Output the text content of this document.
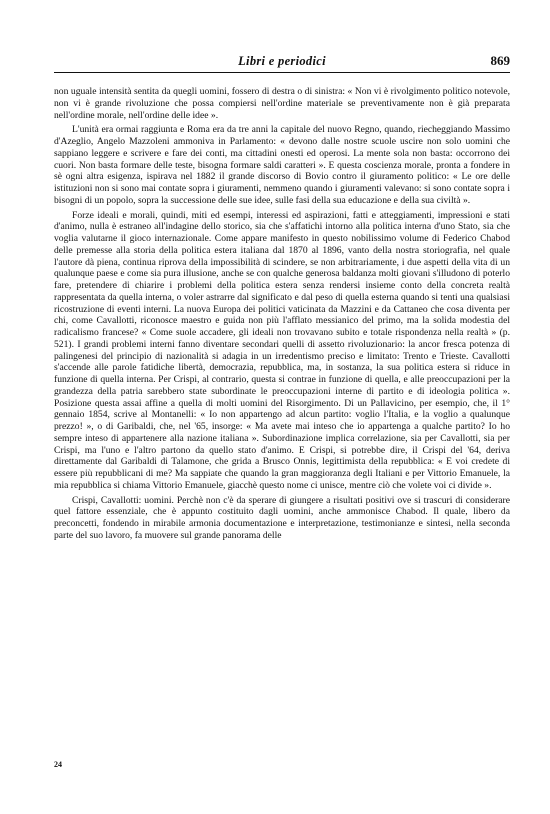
Libri e periodici	869

non uguale intensità sentita da quegli uomini, fossero di destra o di sinistra: « Non vi è rivolgimento politico notevole, non vi è grande rivoluzione che possa compiersi nell'ordine materiale se preventivamente non è già preparata nell'ordine morale, nell'ordine delle idee ».

L'unità era ormai raggiunta e Roma era da tre anni la capitale del nuovo Regno, quando, riecheggiando Massimo d'Azeglio, Angelo Mazzoleni ammoniva in Parlamento: « devono dalle nostre scuole uscire non solo uomini che sappiano leggere e scrivere e fare dei conti, ma cittadini onesti ed operosi. La mente sola non basta: occorrono dei cuori. Non basta formare delle teste, bisogna formare saldi caratteri ». E questa coscienza morale, pronta a fondere in sè ogni altra esigenza, ispirava nel 1882 il grande discorso di Bovio contro il giuramento politico: « Le ore delle istituzioni non si sono mai contate sopra i giuramenti, nemmeno quando i giuramenti valevano: si sono contate sopra i bisogni di un popolo, sopra la successione delle sue idee, sulle fasi della sua educazione e della sua civiltà ».

Forze ideali e morali, quindi, miti ed esempi, interessi ed aspirazioni, fatti e atteggiamenti, impressioni e stati d'animo, nulla è estraneo all'indagine dello storico, sia che s'affatichi intorno alla politica interna d'uno Stato, sia che voglia valutarne il gioco internazionale. Come appare manifesto in questo nobilissimo volume di Federico Chabod delle premesse alla storia della politica estera italiana dal 1870 al 1896, vanto della nostra storiografia, nel quale l'autore dà piena, continua riprova della impossibilità di scindere, se non arbitrariamente, i due aspetti della vita di un qualunque paese e come sia pura illusione, anche se con qualche generosa baldanza molti giovani s'illudono di poterlo fare, pretendere di chiarire i problemi della politica estera senza rendersi insieme conto della concreta realtà rappresentata da quella interna, o voler astrarre dal significato e dal peso di quella esterna quando si tenti una qualsiasi ricostruzione di eventi interni. La nuova Europa dei politici vaticinata da Mazzini e da Cattaneo che cosa diventa per chi, come Cavallotti, riconosce maestro e guida non più l'afflato messianico del primo, ma la solida modestia del radicalismo francese? « Come suole accadere, gli ideali non trovavano subito e totale rispondenza nella realtà » (p. 521). I grandi problemi interni fanno diventare secondari quelli di assetto rivoluzionario: la ancor fresca potenza di palingenesi del principio di nazionalità si adagia in un irredentismo preciso e limitato: Trento e Trieste. Cavallotti s'accende alle parole fatidiche libertà, democrazia, repubblica, ma, in sostanza, la sua politica estera si riduce in funzione di quella interna. Per Crispi, al contrario, questa si contrae in funzione di quella, e alle preoccupazioni per la grandezza della patria sarebbero state subordinate le preoccupazioni interne di partito e di ideologia politica ». Posizione questa assai affine a quella di molti uomini del Risorgimento. Di un Pallavicino, per esempio, che, il 1° gennaio 1854, scrive al Montanelli: « Io non appartengo ad alcun partito: voglio l'Italia, e la voglio a qualunque prezzo! », o di Garibaldi, che, nel '65, insorge: « Ma avete mai inteso che io appartenga a qualche partito? Io ho sempre inteso di appartenere alla nazione italiana ». Subordinazione implica correlazione, sia per Cavallotti, sia per Crispi, ma l'uno e l'altro partono da quello stato d'animo. E Crispi, si potrebbe dire, il Crispi del '64, deriva direttamente dal Garibaldi di Talamone, che grida a Brusco Onnis, legittimista della repubblica: « E voi credete di essere più repubblicani di me? Ma sappiate che quando la gran maggioranza degli Italiani e per Vittorio Emanuele, la mia repubblica si chiama Vittorio Emanuele, giacchè questo nome ci unisce, mentre ciò che volete voi ci divide ».

Crispi, Cavallotti: uomini. Perchè non c'è da sperare di giungere a risultati positivi ove si trascuri di considerare quel fattore essenziale, che è appunto costituito dagli uomini, anche ammonisce Chabod. Il quale, libero da preconcetti, fondendo in mirabile armonia documentazione e interpretazione, testimonianze e sintesi, nella seconda parte del suo lavoro, fa muovere sul grande panorama delle

24
